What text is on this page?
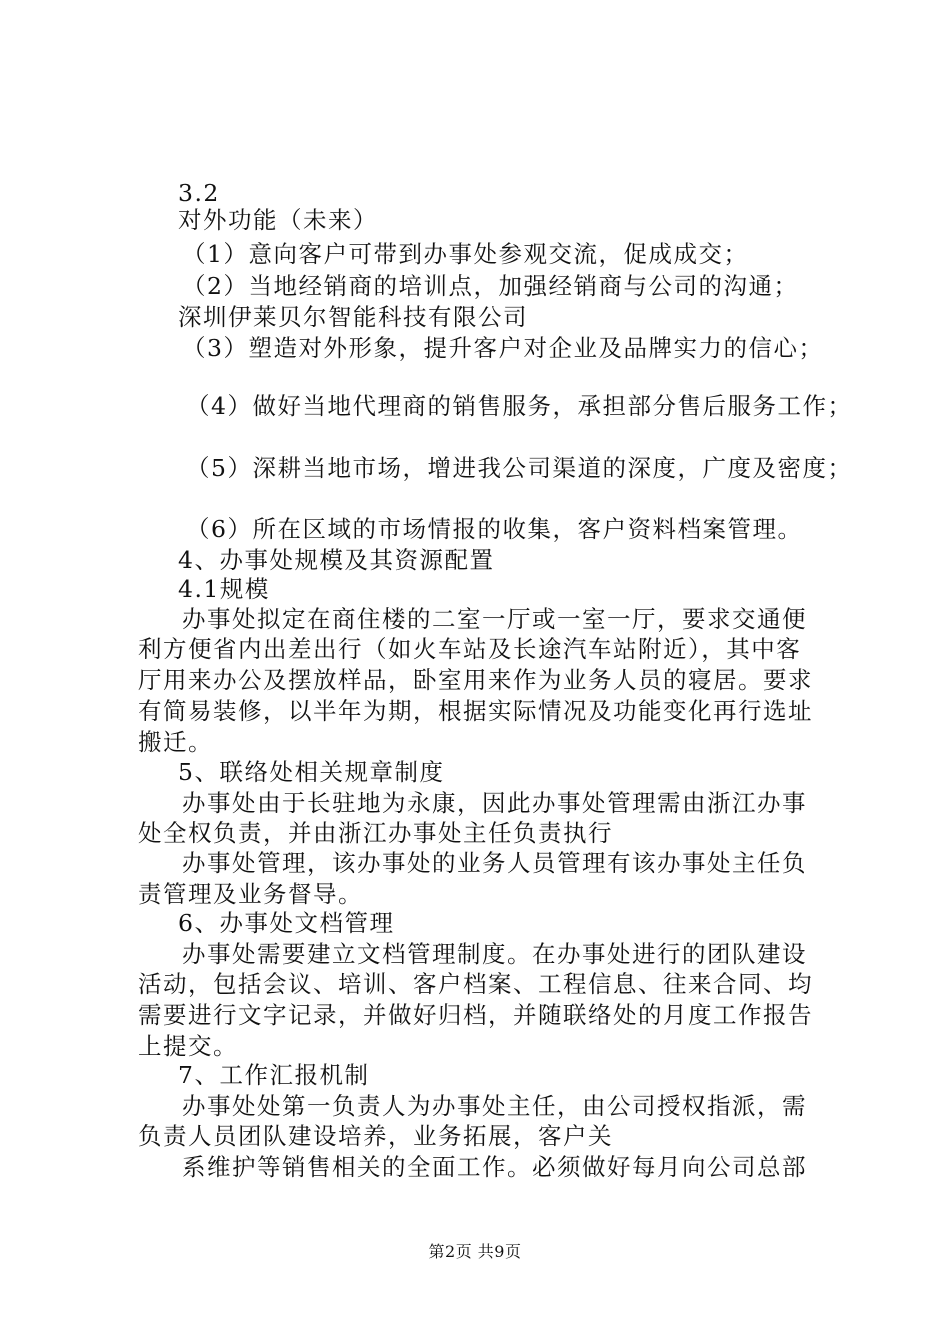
3.2
对外功能（未来）
（1）意向客户可带到办事处参观交流，促成成交；
（2）当地经销商的培训点，加强经销商与公司的沟通；
深圳伊莱贝尔智能科技有限公司
（3）塑造对外形象，提升客户对企业及品牌实力的信心；
（4）做好当地代理商的销售服务，承担部分售后服务工作；
（5）深耕当地市场，增进我公司渠道的深度，广度及密度；
（6）所在区域的市场情报的收集，客户资料档案管理。
4、办事处规模及其资源配置
4.1规模
办事处拟定在商住楼的二室一厅或一室一厅，要求交通便
利方便省内出差出行（如火车站及长途汽车站附近），其中客
厅用来办公及摆放样品，卧室用来作为业务人员的寝居。要求
有简易装修，以半年为期，根据实际情况及功能变化再行选址
搬迁。
5、联络处相关规章制度
办事处由于长驻地为永康，因此办事处管理需由浙江办事
处全权负责，并由浙江办事处主任负责执行
办事处管理，该办事处的业务人员管理有该办事处主任负
责管理及业务督导。
6、办事处文档管理
办事处需要建立文档管理制度。在办事处进行的团队建设
活动，包括会议、培训、客户档案、工程信息、往来合同、均
需要进行文字记录，并做好归档，并随联络处的月度工作报告
上提交。
7、工作汇报机制
办事处处第一负责人为办事处主任，由公司授权指派，需
负责人员团队建设培养，业务拓展，客户关
系维护等销售相关的全面工作。必须做好每月向公司总部
第2页 共9页
